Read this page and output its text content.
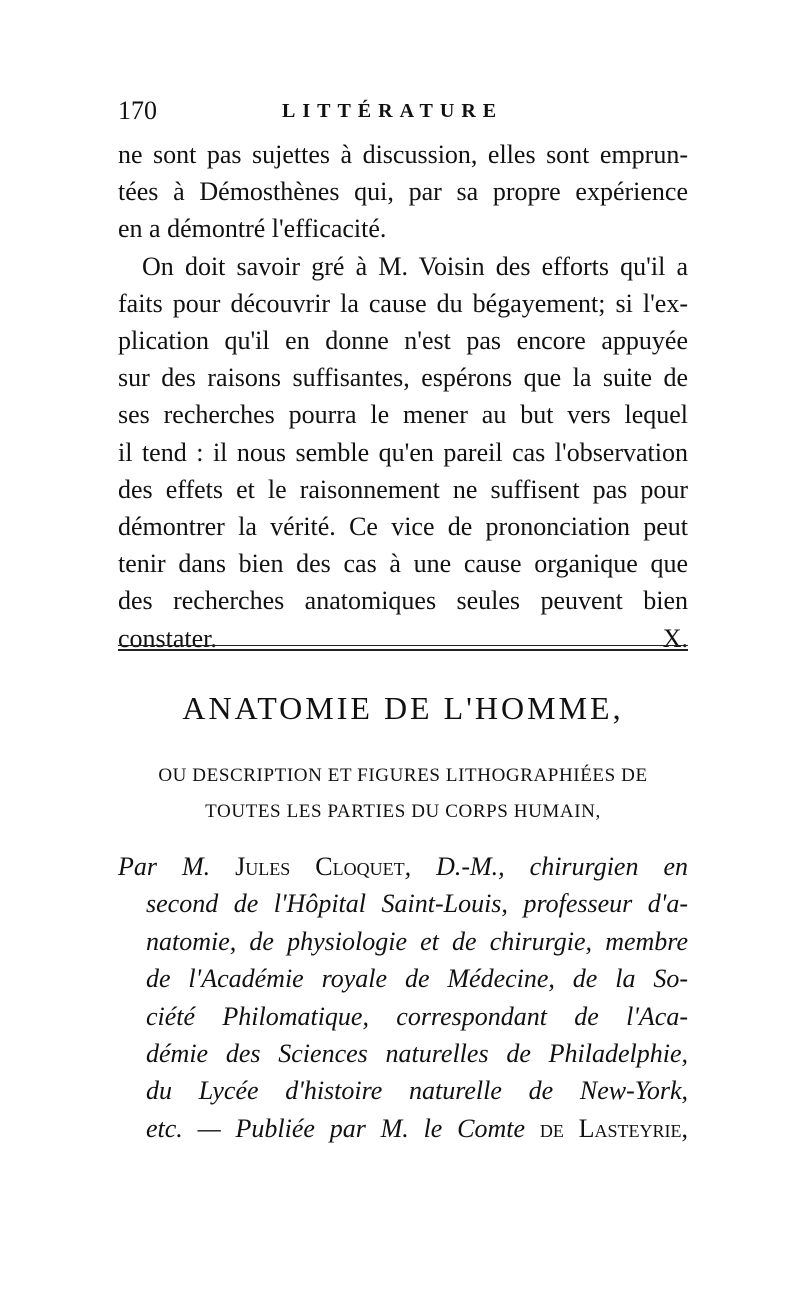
170	LITTÉRATURE
ne sont pas sujettes à discussion, elles sont emprun-
tées à Démosthènes qui, par sa propre expérience
en a démontré l'efficacité.
On doit savoir gré à M. Voisin des efforts qu'il a
faits pour découvrir la cause du bégayement; si l'ex-
plication qu'il en donne n'est pas encore appuyée
sur des raisons suffisantes, espérons que la suite de
ses recherches pourra le mener au but vers lequel
il tend : il nous semble qu'en pareil cas l'observation
des effets et le raisonnement ne suffisent pas pour
démontrer la vérité. Ce vice de prononciation peut
tenir dans bien des cas à une cause organique que
des recherches anatomiques seules peuvent bien
constater.	X.
ANATOMIE DE L'HOMME,
OU DESCRIPTION ET FIGURES LITHOGRAPHIÉES DE
TOUTES LES PARTIES DU CORPS HUMAIN,
Par M. Jules Cloquet, D.-M., chirurgien en
second de l'Hôpital Saint-Louis, professeur d'a-
natomie, de physiologie et de chirurgie, membre
de l'Académie royale de Médecine, de la So-
ciété Philomatique, correspondant de l'Aca-
démie des Sciences naturelles de Philadelphie,
du Lycée d'histoire naturelle de New-York,
etc. — Publiée par M. le Comte de Lasteyrie,
